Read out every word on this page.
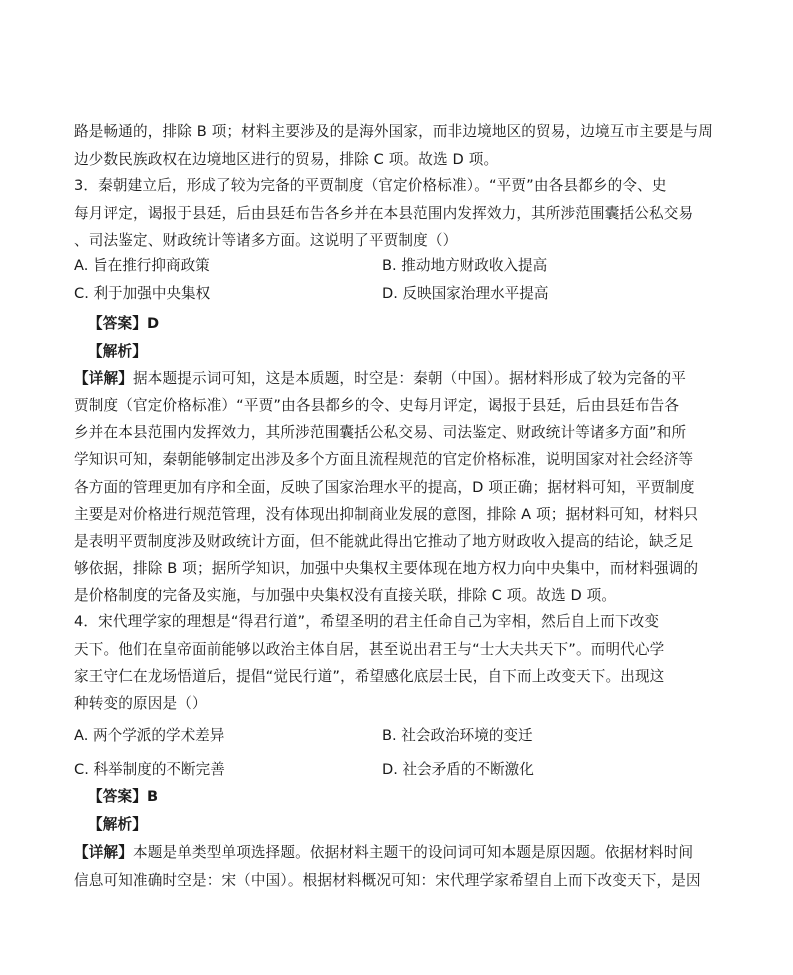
路是畅通的，排除 B 项；材料主要涉及的是海外国家，而非边境地区的贸易，边境互市主要是与周
边少数民族政权在边境地区进行的贸易，排除 C 项。故选 D 项。
3．秦朝建立后，形成了较为完备的平贾制度（官定价格标准）。“平贾”由各县都乡的令、史
每月评定，谒报于县廷，后由县廷布告各乡并在本县范围内发挥效力，其所涉范围囊括公私交易
、司法鉴定、财政统计等诸多方面。这说明了平贾制度（）
A. 旨在推行抑商政策	B. 推动地方财政收入提高
C. 利于加强中央集权	D. 反映国家治理水平提高
【答案】D
【解析】
【详解】据本题提示词可知，这是本质题，时空是：秦朝（中国）。据材料形成了较为完备的平
贾制度（官定价格标准）“平贾”由各县都乡的令、史每月评定，谒报于县廷，后由县廷布告各
乡并在本县范围内发挥效力，其所涉范围囊括公私交易、司法鉴定、财政统计等诸多方面”和所
学知识可知，秦朝能够制定出涉及多个方面且流程规范的官定价格标准，说明国家对社会经济等
各方面的管理更加有序和全面，反映了国家治理水平的提高，D 项正确；据材料可知，平贾制度
主要是对价格进行规范管理，没有体现出抑制商业发展的意图，排除 A 项；据材料可知，材料只
是表明平贾制度涉及财政统计方面，但不能就此得出它推动了地方财政收入提高的结论，缺乏足
够依据，排除 B 项；据所学知识，加强中央集权主要体现在地方权力向中央集中，而材料强调的
是价格制度的完备及实施，与加强中央集权没有直接关联，排除 C 项。故选 D 项。
4．宋代理学家的理想是“得君行道”，希望圣明的君主任命自己为宰相，然后自上而下改变
天下。他们在皇帝面前能够以政治主体自居，甚至说出君王与“士大夫共天下”。而明代心学
家王守仁在龙场悟道后，提倡“觉民行道”，希望感化底层士民，自下而上改变天下。出现这
种转变的原因是（）
A. 两个学派的学术差异	B. 社会政治环境的变迁
C. 科举制度的不断完善	D. 社会矛盾的不断激化
【答案】B
【解析】
【详解】本题是单类型单项选择题。依据材料主题干的设问词可知本题是原因题。依据材料时间
信息可知准确时空是：宋（中国）。根据材料概况可知：宋代理学家希望自上而下改变天下，是因
